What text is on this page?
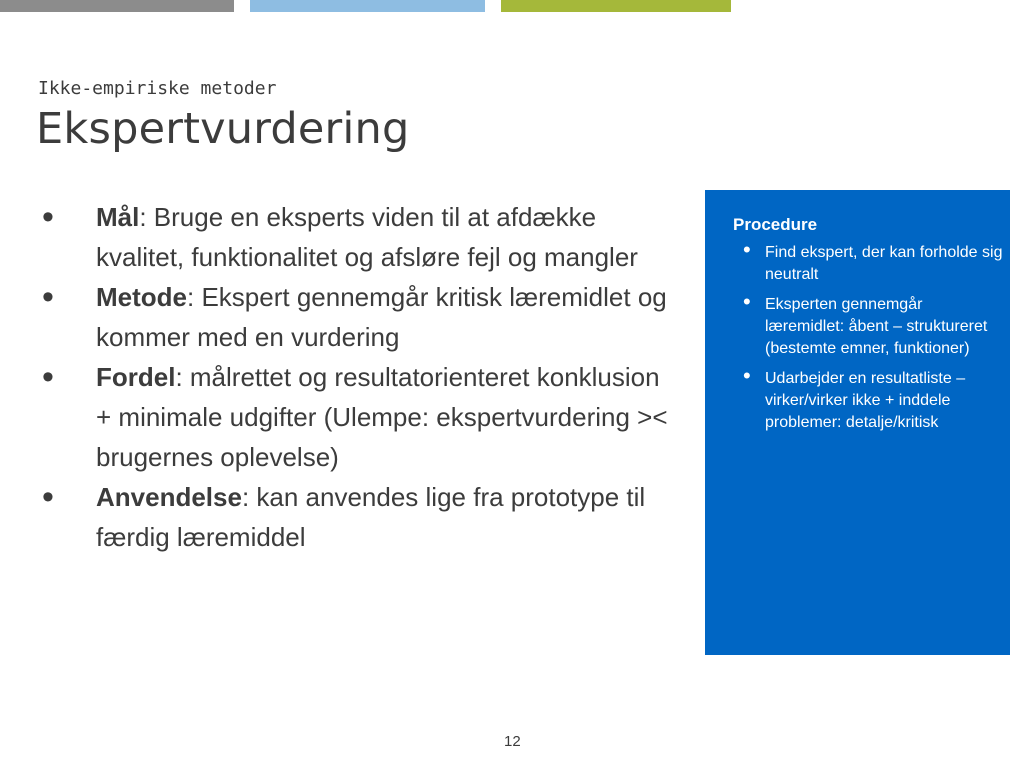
Ikke-empiriske metoder
Ekspertvurdering
• Mål: Bruge en eksperts viden til at afdække kvalitet, funktionalitet og afsløre fejl og mangler
• Metode: Ekspert gennemgår kritisk læremidlet og kommer med en vurdering
• Fordel: målrettet og resultatorienteret konklusion + minimale udgifter (Ulempe: ekspertvurdering >< brugernes oplevelse)
• Anvendelse: kan anvendes lige fra prototype til færdig læremiddel
Procedure
• Find ekspert, der kan forholde sig neutralt
• Eksperten gennemgår læremidlet: åbent – struktureret (bestemte emner, funktioner)
• Udarbejder en resultatliste – virker/virker ikke + inddele problemer: detalje/kritisk
12
